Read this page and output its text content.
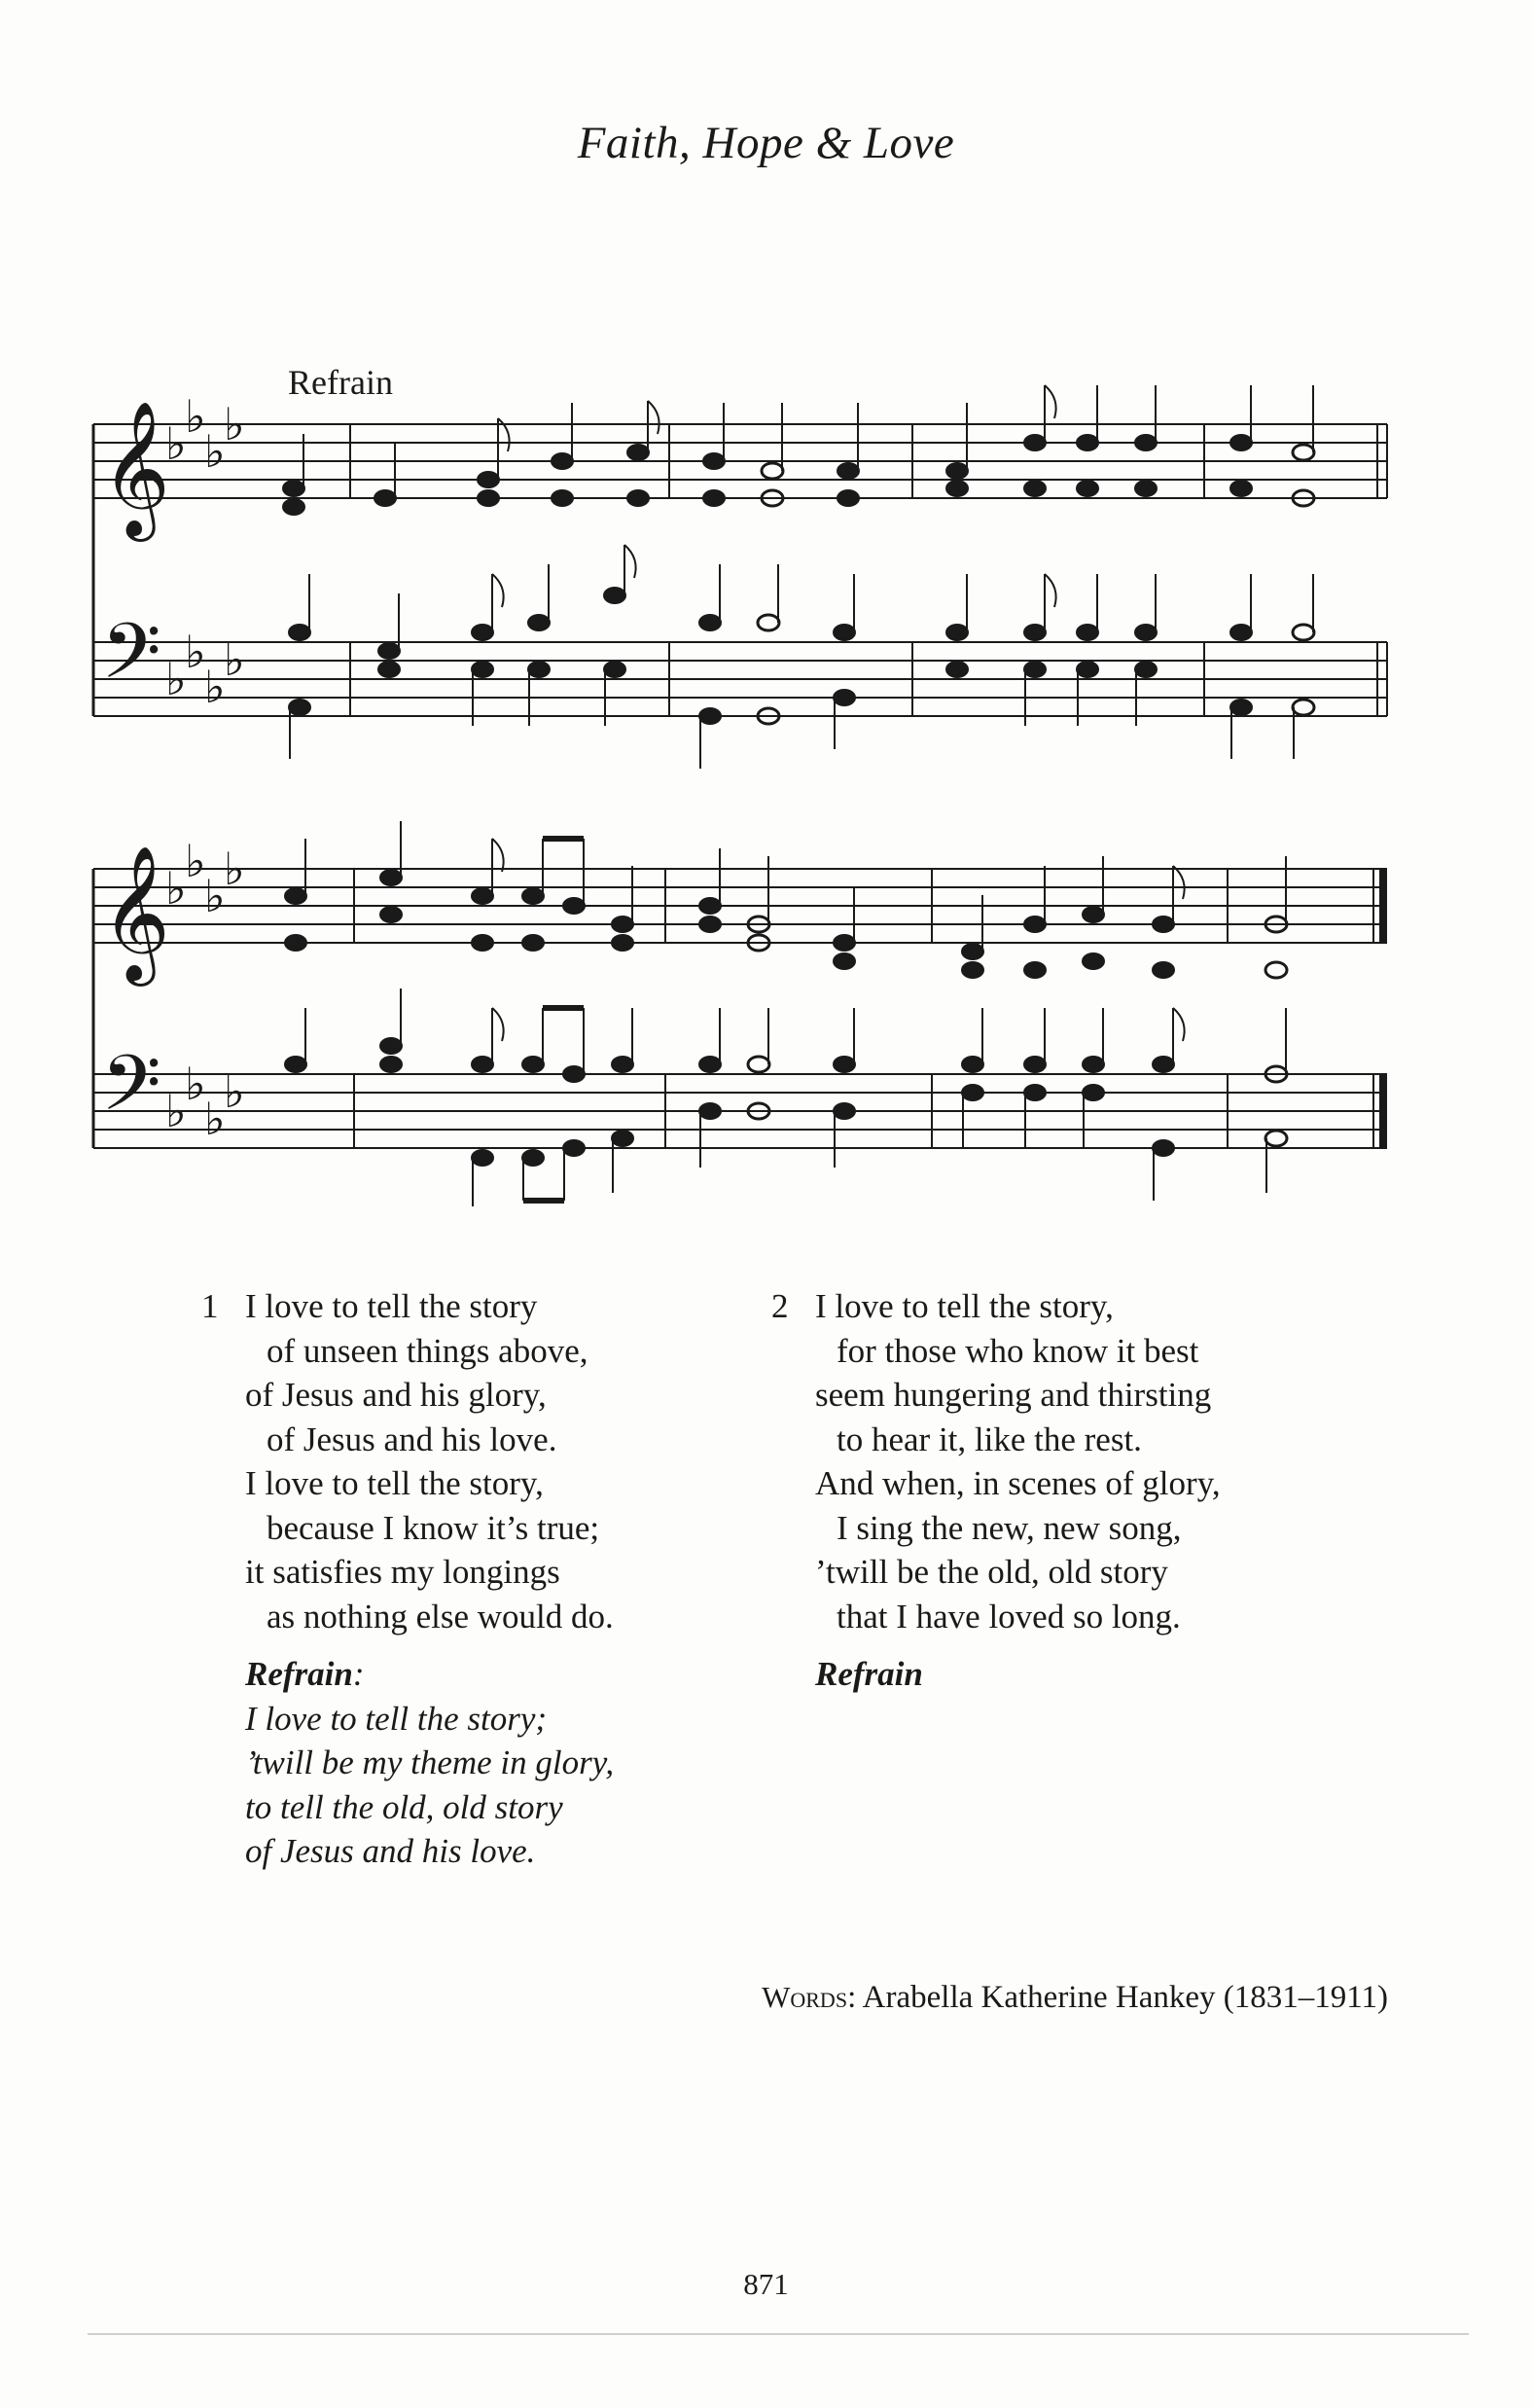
Faith, Hope & Love
Refrain
𝄞
𝄢
♭
♭
♭
♭
♭
♭
♭
♭
𝄞
𝄢
♭
♭
♭
♭
♭
♭
♭
♭
1 I love to tell the story
of unseen things above,
of Jesus and his glory,
of Jesus and his love.
I love to tell the story,
because I know it’s true;
it satisfies my longings
as nothing else would do.
Refrain:
I love to tell the story;
’twill be my theme in glory,
to tell the old, old story
of Jesus and his love.
2 I love to tell the story,
for those who know it best
seem hungering and thirsting
to hear it, like the rest.
And when, in scenes of glory,
I sing the new, new song,
’twill be the old, old story
that I have loved so long.
Refrain
Words: Arabella Katherine Hankey (1831–1911)
871
